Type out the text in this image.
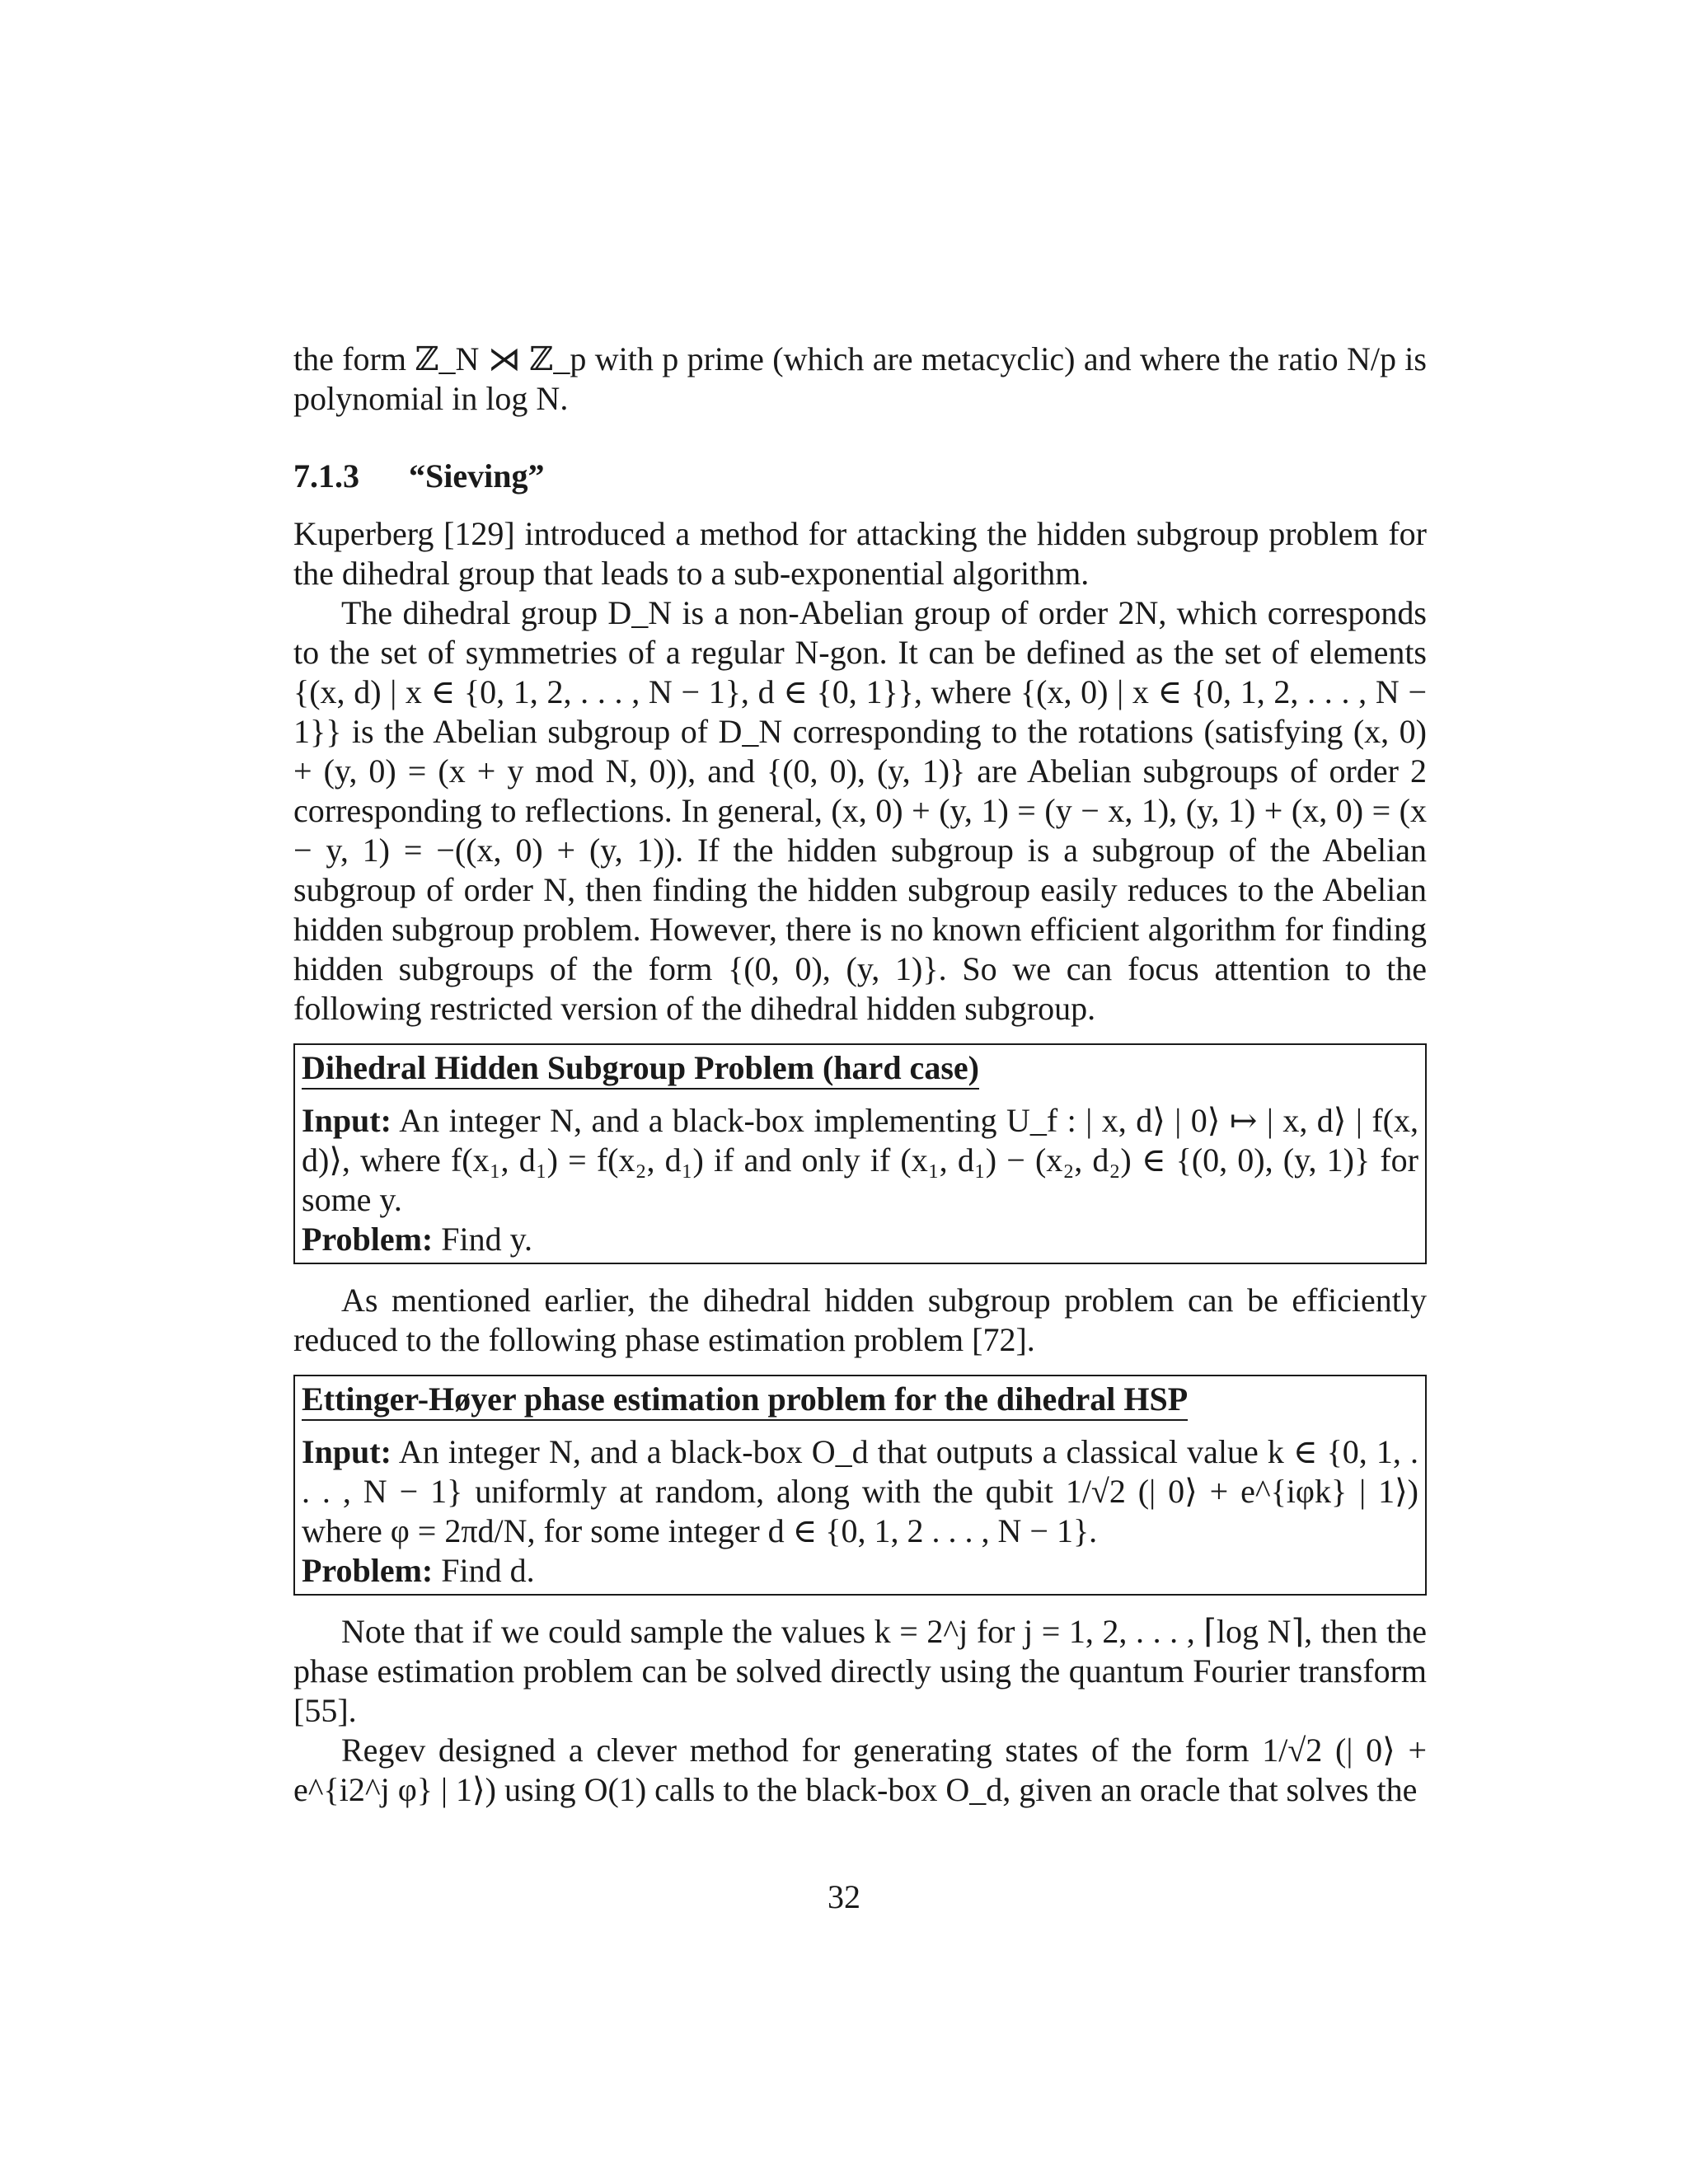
the form ℤ_N ⋊ ℤ_p with p prime (which are metacyclic) and where the ratio N/p is polynomial in log N.

7.1.3 “Sieving”

Kuperberg [129] introduced a method for attacking the hidden subgroup problem for the dihedral group that leads to a sub-exponential algorithm.

The dihedral group D_N is a non-Abelian group of order 2N, which corresponds to the set of symmetries of a regular N-gon. It can be defined as the set of elements {(x, d) | x ∈ {0, 1, 2, . . . , N − 1}, d ∈ {0, 1}}, where {(x, 0) | x ∈ {0, 1, 2, . . . , N − 1}} is the Abelian subgroup of D_N corresponding to the rotations (satisfying (x, 0) + (y, 0) = (x + y mod N, 0)), and {(0, 0), (y, 1)} are Abelian subgroups of order 2 corresponding to reflections. In general, (x, 0) + (y, 1) = (y − x, 1), (y, 1) + (x, 0) = (x − y, 1) = −((x, 0) + (y, 1)). If the hidden subgroup is a subgroup of the Abelian subgroup of order N, then finding the hidden subgroup easily reduces to the Abelian hidden subgroup problem. However, there is no known efficient algorithm for finding hidden subgroups of the form {(0, 0), (y, 1)}. So we can focus attention to the following restricted version of the dihedral hidden subgroup.

Dihedral Hidden Subgroup Problem (hard case)

Input: An integer N, and a black-box implementing U_f : | x, d⟩ | 0⟩ ↦ | x, d⟩ | f(x, d)⟩, where f(x₁, d₁) = f(x₂, d₁) if and only if (x₁, d₁) − (x₂, d₂) ∈ {(0, 0), (y, 1)} for some y.

Problem: Find y.

As mentioned earlier, the dihedral hidden subgroup problem can be efficiently reduced to the following phase estimation problem [72].

Ettinger-Høyer phase estimation problem for the dihedral HSP

Input: An integer N, and a black-box O_d that outputs a classical value k ∈ {0, 1, . . . , N − 1} uniformly at random, along with the qubit 1/√2 (| 0⟩ + e^{iφk} | 1⟩) where φ = 2πd/N, for some integer d ∈ {0, 1, 2 . . . , N − 1}.

Problem: Find d.

Note that if we could sample the values k = 2^j for j = 1, 2, . . . , ⌈log N⌉, then the phase estimation problem can be solved directly using the quantum Fourier transform [55].

Regev designed a clever method for generating states of the form 1/√2 (| 0⟩ + e^{i2^j φ} | 1⟩) using O(1) calls to the black-box O_d, given an oracle that solves the

32
